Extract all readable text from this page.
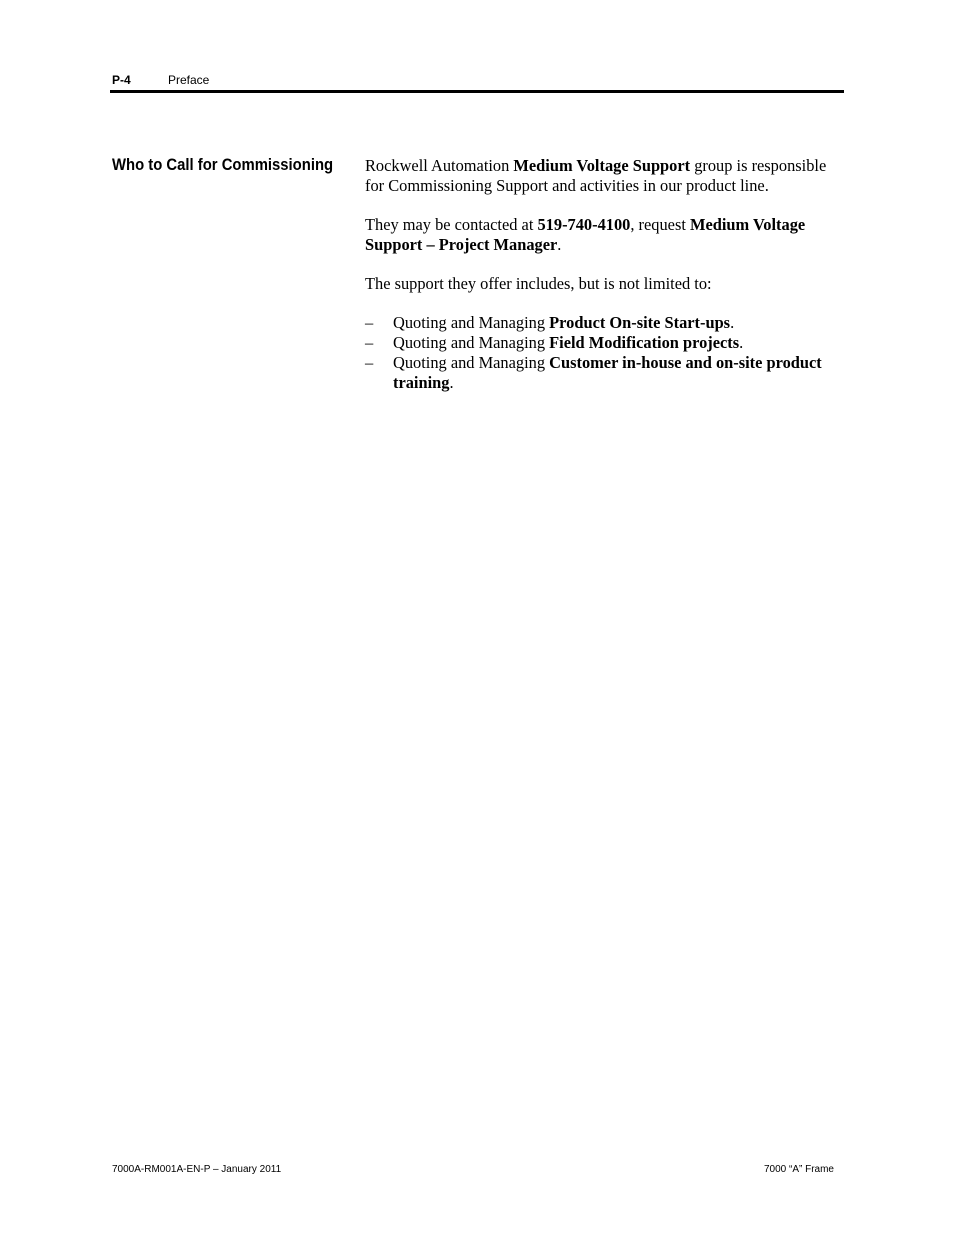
P-4	Preface
Who to Call for Commissioning Rockwell Automation Medium Voltage Support group is responsible for Commissioning Support and activities in our product line.

They may be contacted at 519-740-4100, request Medium Voltage Support – Project Manager.

The support they offer includes, but is not limited to:

– Quoting and Managing Product On-site Start-ups.
– Quoting and Managing Field Modification projects.
– Quoting and Managing Customer in-house and on-site product training.
7000A-RM001A-EN-P – January 2011	7000 “A” Frame
